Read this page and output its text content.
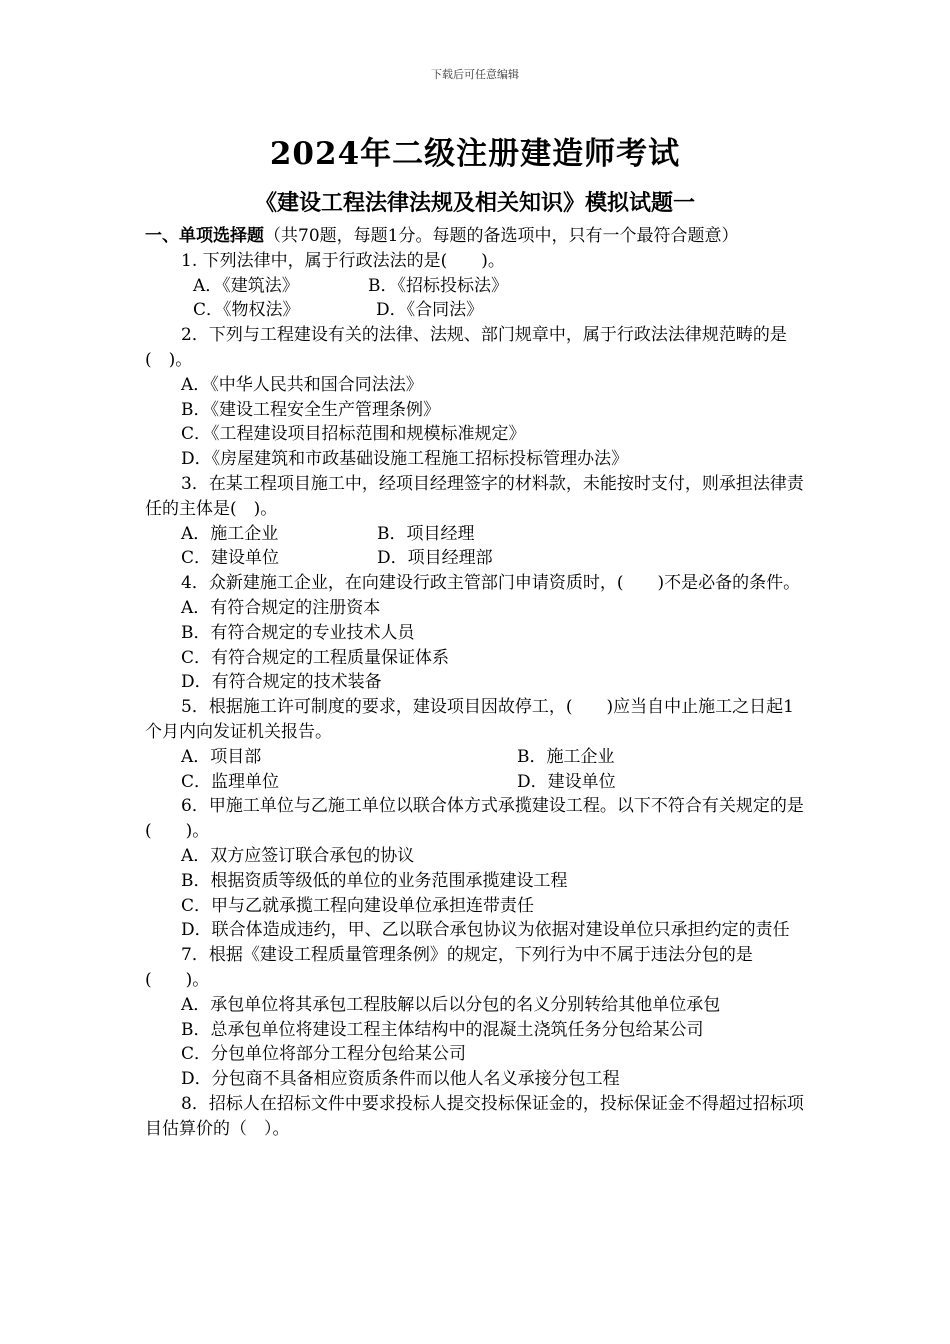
下载后可任意编辑
2024年二级注册建造师考试
《建设工程法律法规及相关知识》模拟试题一

一、单项选择题（共70题，每题1分。每题的备选项中，只有一个最符合题意）

1. 下列法律中，属于行政法法的是(　　)。

A．《建筑法》	B．《招标投标法》
C．《物权法》	D．《合同法》

2．下列与工程建设有关的法律、法规、部门规章中，属于行政法法律规范畴的是(　)。

A．《中华人民共和国合同法法》

B．《建设工程安全生产管理条例》

C．《工程建设项目招标范围和规模标准规定》

D．《房屋建筑和市政基础设施工程施工招标投标管理办法》

3．在某工程项目施工中，经项目经理签字的材料款，未能按时支付，则承担法律责任的主体是(　)。

A．施工企业	B．项目经理
C．建设单位	D．项目经理部

4．众新建施工企业，在向建设行政主管部门申请资质时，(　　)不是必备的条件。

A．有符合规定的注册资本

B．有符合规定的专业技术人员

C．有符合规定的工程质量保证体系

D．有符合规定的技术装备

5．根据施工许可制度的要求，建设项目因故停工，(　　)应当自中止施工之日起1个月内向发证机关报告。

A．项目部	B．施工企业
C．监理单位	D．建设单位

6．甲施工单位与乙施工单位以联合体方式承揽建设工程。以下不符合有关规定的是(　　)。

A．双方应签订联合承包的协议

B．根据资质等级低的单位的业务范围承揽建设工程

C．甲与乙就承揽工程向建设单位承担连带责任

D．联合体造成违约，甲、乙以联合承包协议为依据对建设单位只承担约定的责任

7．根据《建设工程质量管理条例》的规定，下列行为中不属于违法分包的是(　　)。

A．承包单位将其承包工程肢解以后以分包的名义分别转给其他单位承包

B．总承包单位将建设工程主体结构中的混凝土浇筑任务分包给某公司

C．分包单位将部分工程分包给某公司

D．分包商不具备相应资质条件而以他人名义承接分包工程

8．招标人在招标文件中要求投标人提交投标保证金的，投标保证金不得超过招标项目估算价的（　）。
